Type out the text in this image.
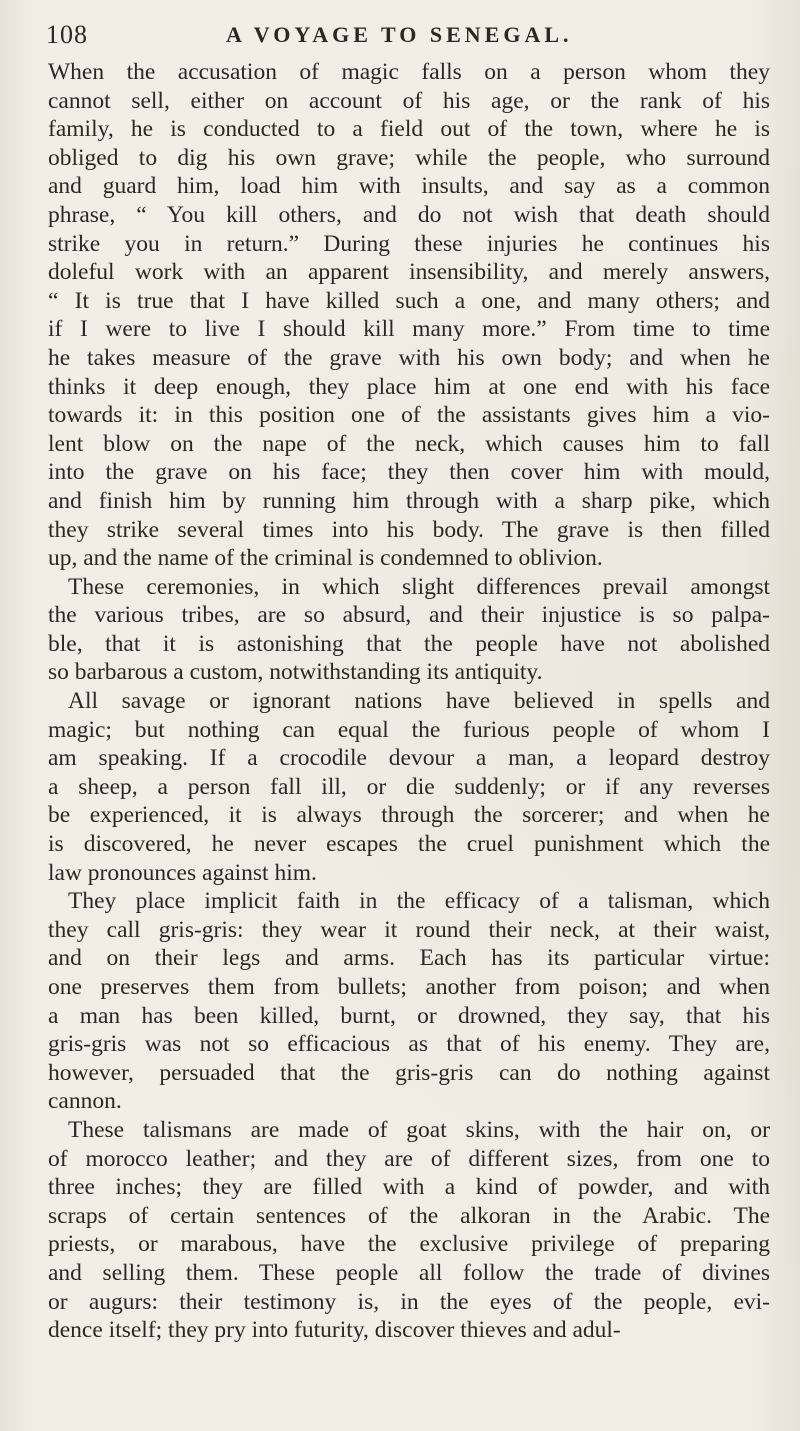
108	A VOYAGE TO SENEGAL.
When the accusation of magic falls on a person whom they
cannot sell, either on account of his age, or the rank of his
family, he is conducted to a field out of the town, where he is
obliged to dig his own grave; while the people, who surround
and guard him, load him with insults, and say as a common
phrase, “ You kill others, and do not wish that death should
strike you in return.” During these injuries he continues his
doleful work with an apparent insensibility, and merely answers,
“ It is true that I have killed such a one, and many others; and
if I were to live I should kill many more.” From time to time
he takes measure of the grave with his own body; and when he
thinks it deep enough, they place him at one end with his face
towards it: in this position one of the assistants gives him a vio-
lent blow on the nape of the neck, which causes him to fall
into the grave on his face; they then cover him with mould,
and finish him by running him through with a sharp pike, which
they strike several times into his body. The grave is then filled
up, and the name of the criminal is condemned to oblivion.
These ceremonies, in which slight differences prevail amongst
the various tribes, are so absurd, and their injustice is so palpa-
ble, that it is astonishing that the people have not abolished
so barbarous a custom, notwithstanding its antiquity.
All savage or ignorant nations have believed in spells and
magic; but nothing can equal the furious people of whom I
am speaking. If a crocodile devour a man, a leopard destroy
a sheep, a person fall ill, or die suddenly; or if any reverses
be experienced, it is always through the sorcerer; and when he
is discovered, he never escapes the cruel punishment which the
law pronounces against him.
They place implicit faith in the efficacy of a talisman, which
they call gris-gris: they wear it round their neck, at their waist,
and on their legs and arms. Each has its particular virtue:
one preserves them from bullets; another from poison; and when
a man has been killed, burnt, or drowned, they say, that his
gris-gris was not so efficacious as that of his enemy. They are,
however, persuaded that the gris-gris can do nothing against
cannon.
These talismans are made of goat skins, with the hair on, or
of morocco leather; and they are of different sizes, from one to
three inches; they are filled with a kind of powder, and with
scraps of certain sentences of the alkoran in the Arabic. The
priests, or marabous, have the exclusive privilege of preparing
and selling them. These people all follow the trade of divines
or augurs: their testimony is, in the eyes of the people, evi-
dence itself; they pry into futurity, discover thieves and adul-
